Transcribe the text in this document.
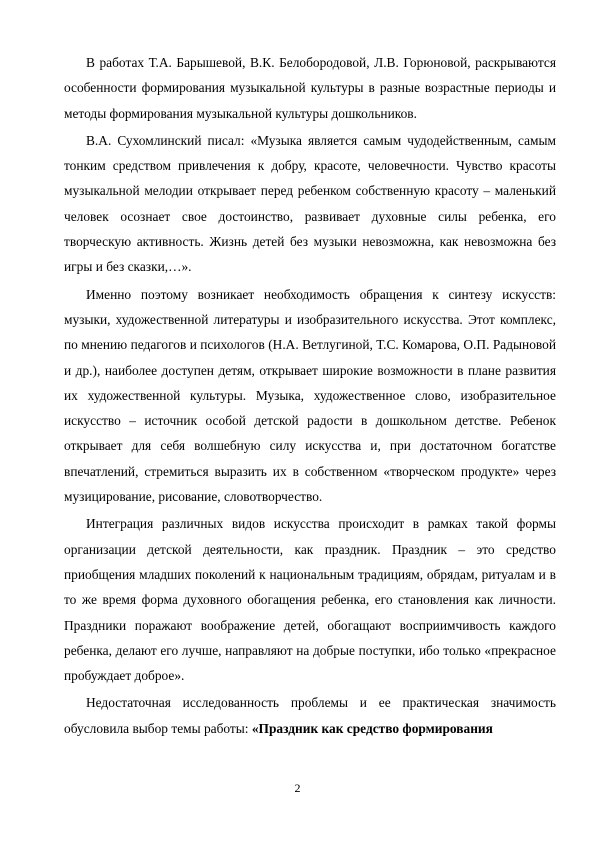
В работах Т.А. Барышевой, В.К. Белобородовой, Л.В. Горюновой, раскрываются особенности формирования музыкальной культуры в разные возрастные периоды и методы формирования музыкальной культуры дошкольников.

В.А. Сухомлинский писал: «Музыка является самым чудодейственным, самым тонким средством привлечения к добру, красоте, человечности. Чувство красоты музыкальной мелодии открывает перед ребенком собственную красоту – маленький человек осознает свое достоинство, развивает духовные силы ребенка, его творческую активность. Жизнь детей без музыки невозможна, как невозможна без игры и без сказки,…».

Именно поэтому возникает необходимость обращения к синтезу искусств: музыки, художественной литературы и изобразительного искусства. Этот комплекс, по мнению педагогов и психологов (Н.А. Ветлугиной, Т.С. Комарова, О.П. Радыновой и др.), наиболее доступен детям, открывает широкие возможности в плане развития их художественной культуры. Музыка, художественное слово, изобразительное искусство – источник особой детской радости в дошкольном детстве. Ребенок открывает для себя волшебную силу искусства и, при достаточном богатстве впечатлений, стремиться выразить их в собственном «творческом продукте» через музицирование, рисование, словотворчество.

Интеграция различных видов искусства происходит в рамках такой формы организации детской деятельности, как праздник. Праздник – это средство приобщения младших поколений к национальным традициям, обрядам, ритуалам и в то же время форма духовного обогащения ребенка, его становления как личности. Праздники поражают воображение детей, обогащают восприимчивость каждого ребенка, делают его лучше, направляют на добрые поступки, ибо только «прекрасное пробуждает доброе».

Недостаточная исследованность проблемы и ее практическая значимость обусловила выбор темы работы: «Праздник как средство формирования

2
